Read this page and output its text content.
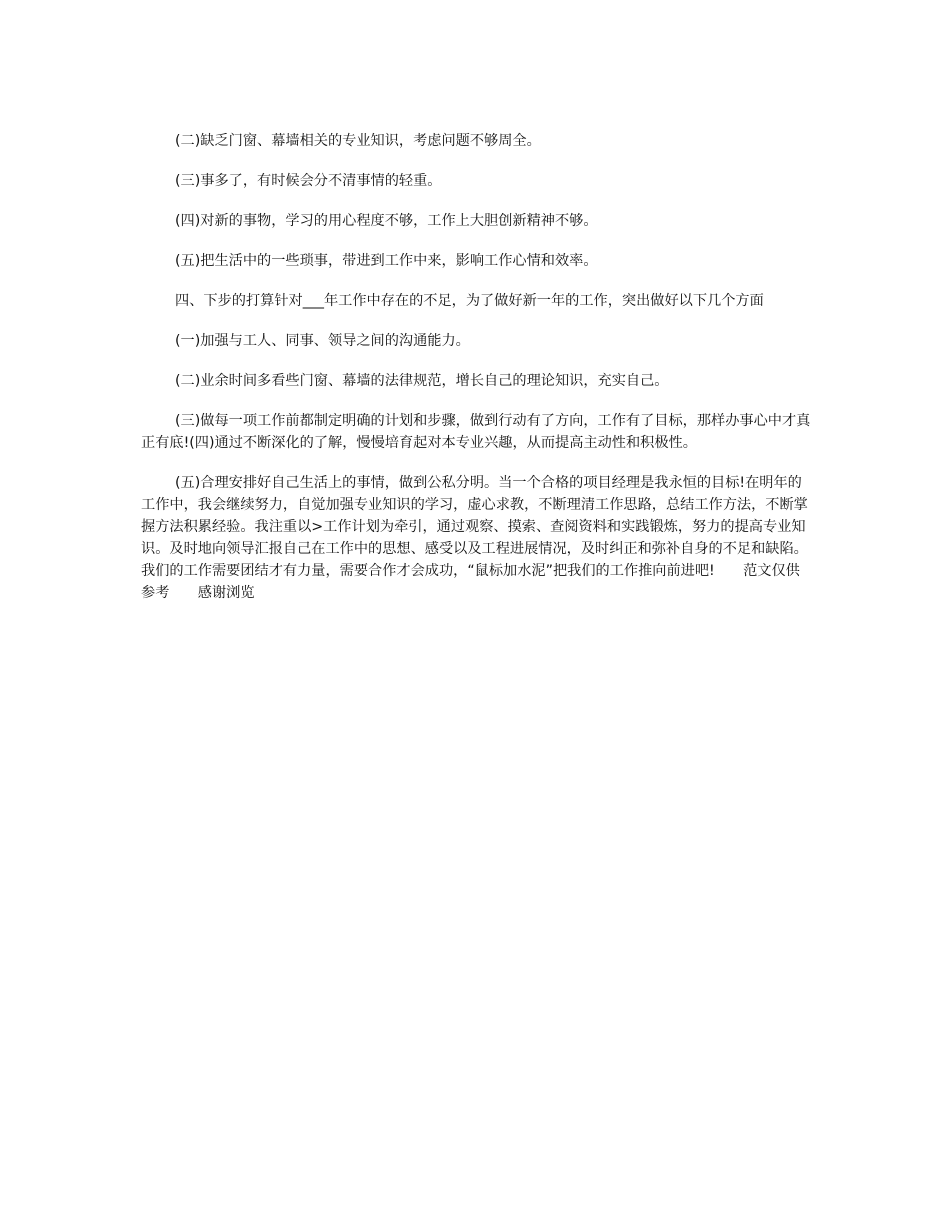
(二)缺乏门窗、幕墙相关的专业知识，考虑问题不够周全。

(三)事多了，有时候会分不清事情的轻重。

(四)对新的事物，学习的用心程度不够，工作上大胆创新精神不够。

(五)把生活中的一些琐事，带进到工作中来，影响工作心情和效率。

四、下步的打算针对___年工作中存在的不足，为了做好新一年的工作，突出做好以下几个方面

(一)加强与工人、同事、领导之间的沟通能力。

(二)业余时间多看些门窗、幕墙的法律规范，增长自己的理论知识，充实自己。

(三)做每一项工作前都制定明确的计划和步骤，做到行动有了方向，工作有了目标，那样办事心中才真正有底!(四)通过不断深化的了解，慢慢培育起对本专业兴趣，从而提高主动性和积极性。

(五)合理安排好自己生活上的事情，做到公私分明。当一个合格的项目经理是我永恒的目标!在明年的工作中，我会继续努力，自觉加强专业知识的学习，虚心求教，不断理清工作思路，总结工作方法，不断掌握方法积累经验。我注重以>工作计划为牵引，通过观察、摸索、查阅资料和实践锻炼，努力的提高专业知识。及时地向领导汇报自己在工作中的思想、感受以及工程进展情况，及时纠正和弥补自身的不足和缺陷。我们的工作需要团结才有力量，需要合作才会成功，“鼠标加水泥”把我们的工作推向前进吧!　　范文仅供参考　　感谢浏览
